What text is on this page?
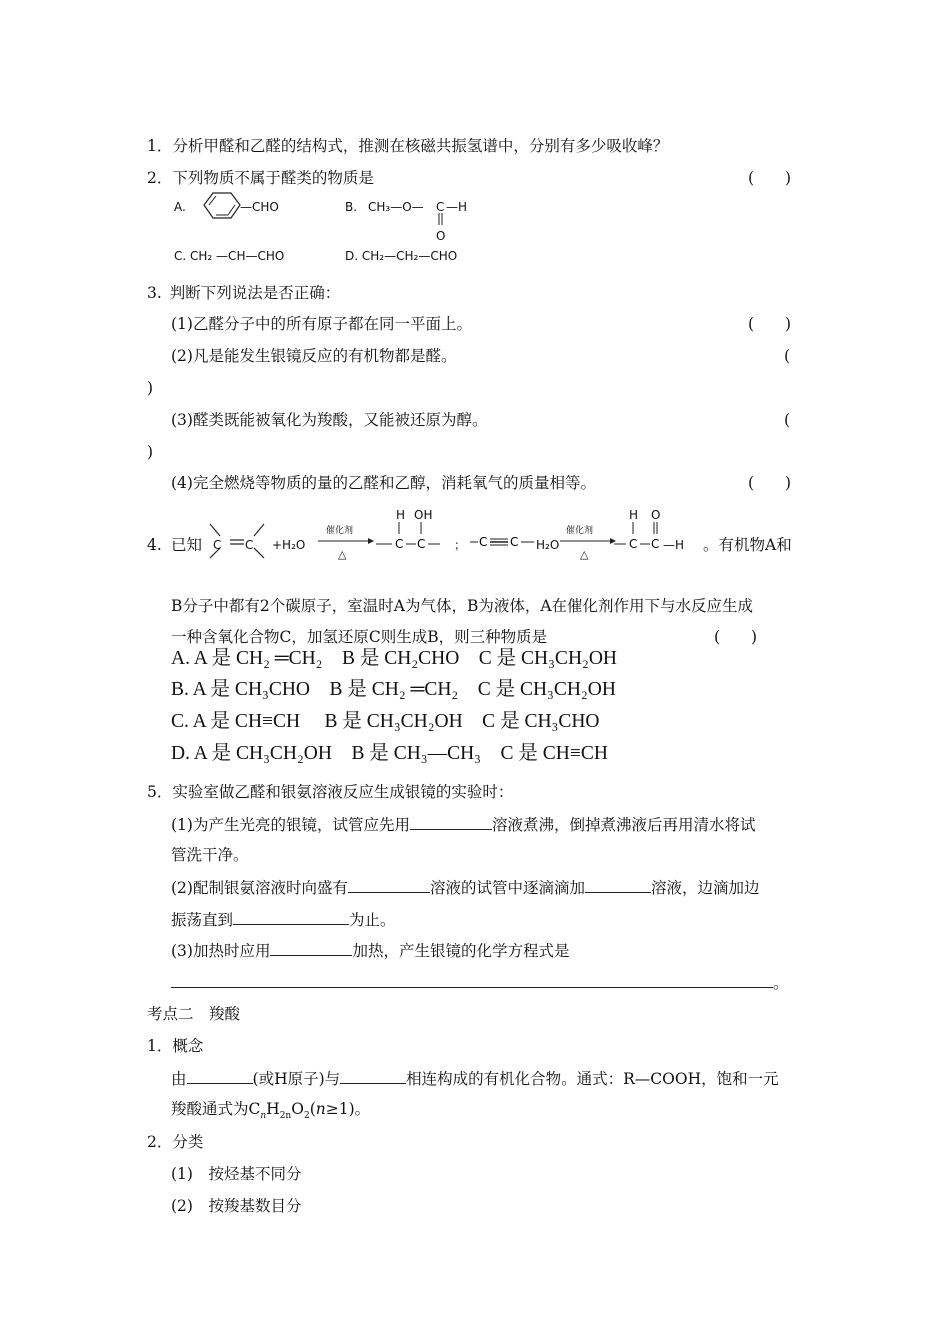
1．分析甲醛和乙醛的结构式，推测在核磁共振氢谱中，分别有多少吸收峰？
2．下列物质不属于醛类的物质是	(　　)
A.	—CHO	B. CH₃—O— C —H
O
C. CH₂ —CH—CHO	D. CH₂—CH₂—CHO
3. 判断下列说法是否正确：
(1)乙醛分子中的所有原子都在同一平面上。	(　　)
(2)凡是能发生银镜反应的有机物都是醛。	(
)
(3)醛类既能被氧化为羧酸，又能被还原为醇。	(
)
(4)完全燃烧等物质的量的乙醛和乙醇，消耗氧气的质量相等。	(　　)
4. 已知 C C +H₂O
催化剂
△
H OH
C C ； C C H₂O
催化剂
△
H O
C C —H 。有机物A和
B分子中都有2个碳原子，室温时A为气体，B为液体，A在催化剂作用下与水反应生成
一种含氧化合物C，加氢还原C则生成B，则三种物质是	(　　)
A. A 是 CH₂ ═CH₂　B 是 CH₂CHO　C 是 CH₃CH₂OH
B. A 是 CH₃CHO　B 是 CH₂ ═CH₂　C 是 CH₃CH₂OH
C. A 是 CH≡CH　 B 是 CH₃CH₂OH　C 是 CH₃CHO
D. A 是 CH₃CH₂OH　B 是 CH₃—CH₃　C 是 CH≡CH
5．实验室做乙醛和银氨溶液反应生成银镜的实验时：
(1)为产生光亮的银镜，试管应先用	溶液煮沸，倒掉煮沸液后再用清水将试
管洗干净。
(2)配制银氨溶液时向盛有	溶液的试管中逐滴滴加	溶液，边滴加边
振荡直到	为止。
(3)加热时应用	加热，产生银镜的化学方程式是
。
考点二　羧酸
1．概念
由	(或H原子)与	相连构成的有机化合物。通式：R—COOH，饱和一元
羧酸通式为$C_nH_{2n}O_2(n\ge 1)$。
2．分类
(1)　按烃基不同分
(2)　按羧基数目分
